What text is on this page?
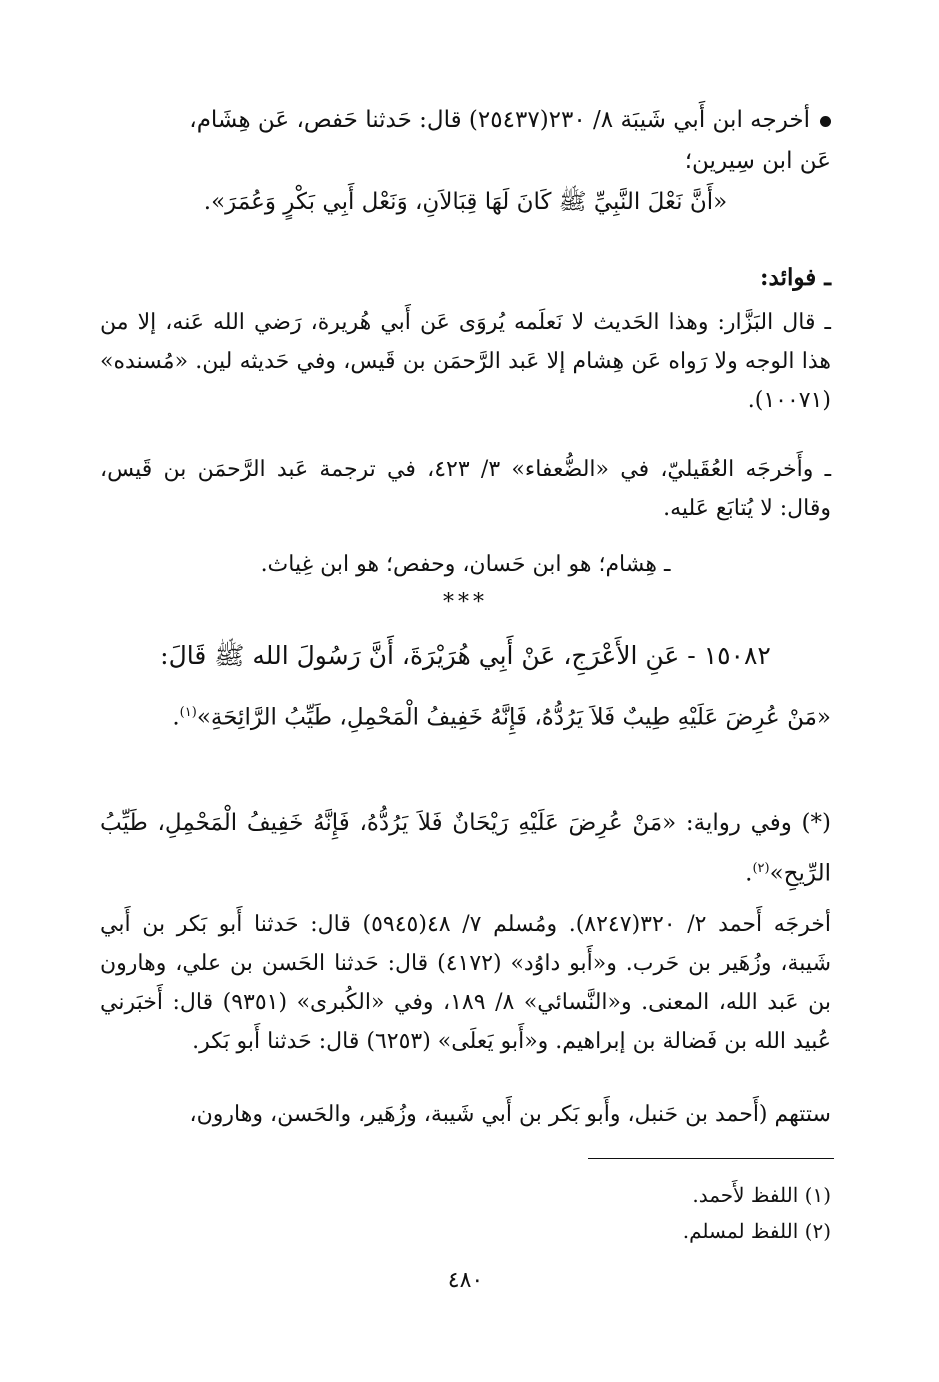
أخرجه ابن أَبي شَيبَة ٨/ ٢٣٠(٢٥٤٣٧) قال: حَدثنا حَفص، عَن هِشَام،
عَن ابن سِيرين؛
«أَنَّ نَعْلَ النَّبِيِّ ﷺ كَانَ لَهَا قِبَالاَنِ، وَنَعْل أَبِي بَكْرٍ وَعُمَرَ».
ـ فوائد:
ـ قال البَزَّار: وهذا الحَديث لا نَعلَمه يُروَى عَن أَبي هُريرة، رَضي الله عَنه، إلا من هذا الوجه ولا رَواه عَن هِشام إلا عَبد الرَّحمَن بن قَيس، وفي حَديثه لين. «مُسنده» (١٠٠٧١).
ـ وأَخرجَه العُقَيليّ، في «الضُّعفاء» ٣/ ٤٢٣، في ترجمة عَبد الرَّحمَن بن قَيس، وقال: لا يُتابَع عَليه.
ـ هِشام؛ هو ابن حَسان، وحفص؛ هو ابن غِياث.
***
١٥٠٨٢ - عَنِ الأَعْرَجِ، عَنْ أَبِي هُرَيْرَةَ، أَنَّ رَسُولَ الله ﷺ قَالَ:
«مَنْ عُرِضَ عَلَيْهِ طِيبٌ فَلاَ يَرُدُّهُ، فَإِنَّهُ خَفِيفُ الْمَحْمِلِ، طَيِّبُ الرَّائِحَةِ»$^{(١)}$.
(*) وفي رواية: «مَنْ عُرِضَ عَلَيْهِ رَيْحَانٌ فَلاَ يَرُدُّهُ، فَإِنَّهُ خَفِيفُ الْمَحْمِلِ، طَيِّبُ الرِّيحِ»$^{(٢)}$.
أخرجَه أَحمد ٢/ ٣٢٠(٨٢٤٧). ومُسلم ٧/ ٤٨(٥٩٤٥) قال: حَدثنا أَبو بَكر بن أَبي شَيبة، وزُهَير بن حَرب. و«أَبو داوُد» (٤١٧٢) قال: حَدثنا الحَسن بن علي، وهارون بن عَبد الله، المعنى. و«النَّسائي» ٨/ ١٨٩، وفي «الكُبرى» (٩٣٥١) قال: أَخبَرني عُبيد الله بن فَضالة بن إبراهيم. و«أَبو يَعلَى» (٦٢٥٣) قال: حَدثنا أَبو بَكر.
ستتهم (أَحمد بن حَنبل، وأَبو بَكر بن أَبي شَيبة، وزُهَير، والحَسن، وهارون،
(١) اللفظ لأَحمد.
(٢) اللفظ لمسلم.
٤٨٠
